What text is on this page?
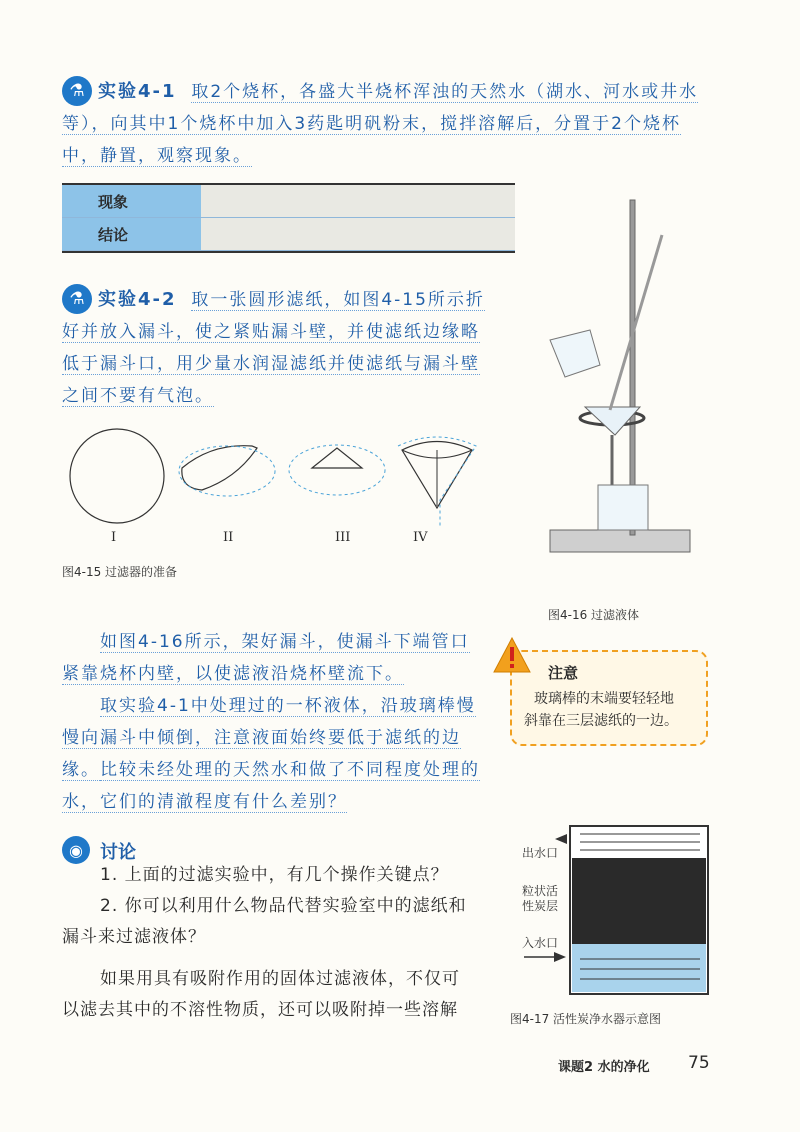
⚗ 实验4-1 取2个烧杯，各盛大半烧杯浑浊的天然水（湖水、河水或井水
等），向其中1个烧杯中加入3药匙明矾粉末，搅拌溶解后，分置于2个烧杯
中，静置，观察现象。
现象	
结论	
⚗ 实验4-2 取一张圆形滤纸，如图4-15所示折
好并放入漏斗，使之紧贴漏斗壁，并使滤纸边缘略
低于漏斗口，用少量水润湿滤纸并使滤纸与漏斗壁
之间不要有气泡。
I	II	III	IV
图4-15 过滤器的准备
图4-16 过滤液体
如图4-16所示，架好漏斗，使漏斗下端管口
紧靠烧杯内壁，以使滤液沿烧杯壁流下。
取实验4-1中处理过的一杯液体，沿玻璃棒慢
慢向漏斗中倾倒，注意液面始终要低于滤纸的边缘。 比较未经处理的天然水和做了不同程度处理的
水，它们的清澈程度有什么差别？
注意
玻璃棒的末端要轻轻地
斜靠在三层滤纸的一边。
◉ 讨论
1. 上面的过滤实验中，有几个操作关键点？
2. 你可以利用什么物品代替实验室中的滤纸和
漏斗来过滤液体？
如果用具有吸附作用的固体过滤液体，不仅可
以滤去其中的不溶性物质，还可以吸附掉一些溶解
出水口
粒状活
性炭层
入水口
图4-17 活性炭净水器示意图
课题2 水的净化 75
